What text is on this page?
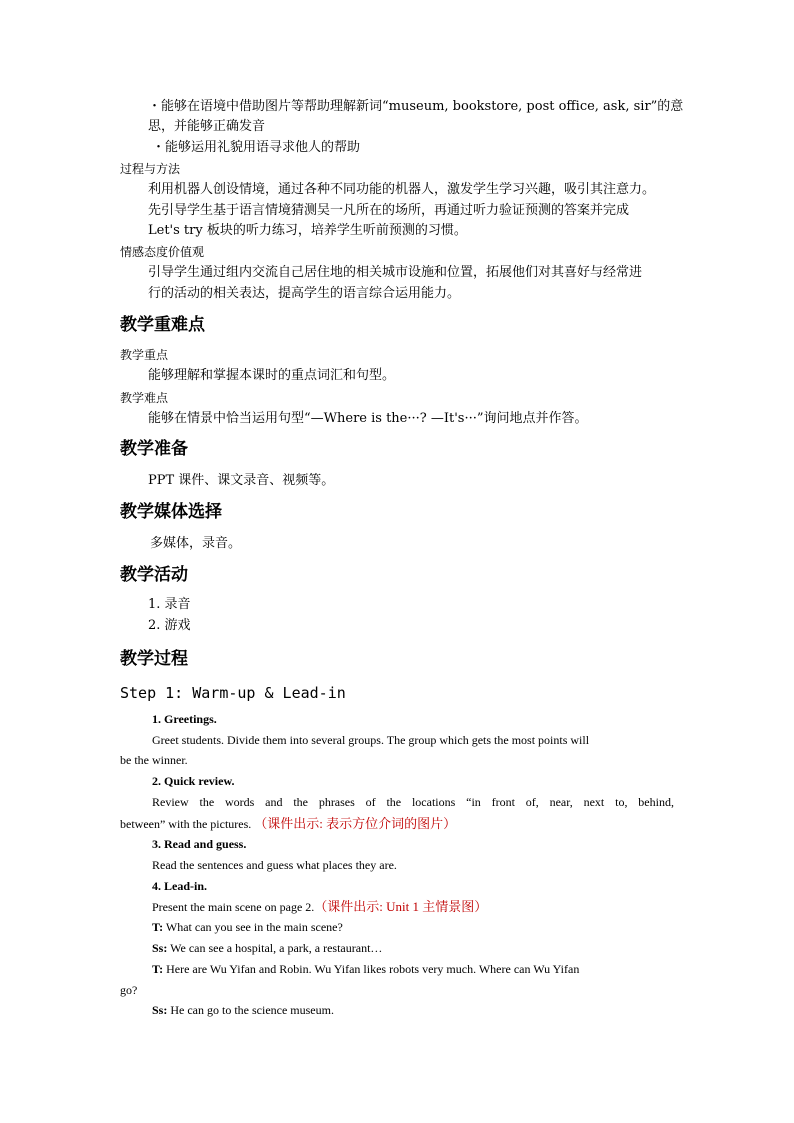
・能够在语境中借助图片等帮助理解新词“museum, bookstore, post office, ask, sir”的意
思，并能够正确发音
・能够运用礼貌用语寻求他人的帮助
过程与方法
利用机器人创设情境，通过各种不同功能的机器人，激发学生学习兴趣，吸引其注意力。
先引导学生基于语言情境猜测吴一凡所在的场所，再通过听力验证预测的答案并完成
Let's try 板块的听力练习，培养学生听前预测的习惯。
情感态度价值观
引导学生通过组内交流自己居住地的相关城市设施和位置，拓展他们对其喜好与经常进
行的活动的相关表达，提高学生的语言综合运用能力。
教学重难点
教学重点
能够理解和掌握本课时的重点词汇和句型。
教学难点
能够在情景中恰当运用句型“—Where is the···? —It's···”询问地点并作答。
教学准备
PPT 课件、课文录音、视频等。
教学媒体选择
多媒体，录音。
教学活动
1. 录音
2. 游戏
教学过程
Step 1: Warm-up & Lead-in
1. Greetings.
Greet students. Divide them into several groups. The group which gets the most points will
be the winner.
2. Quick review.
Review the words and the phrases of the locations “in front of, near, next to, behind,
between” with the pictures. （课件出示: 表示方位介词的图片）
3. Read and guess.
Read the sentences and guess what places they are.
4. Lead-in.
Present the main scene on page 2.（课件出示: Unit 1 主情景图）
T: What can you see in the main scene?
Ss: We can see a hospital, a park, a restaurant…
T: Here are Wu Yifan and Robin. Wu Yifan likes robots very much. Where can Wu Yifan
go?
Ss: He can go to the science museum.
